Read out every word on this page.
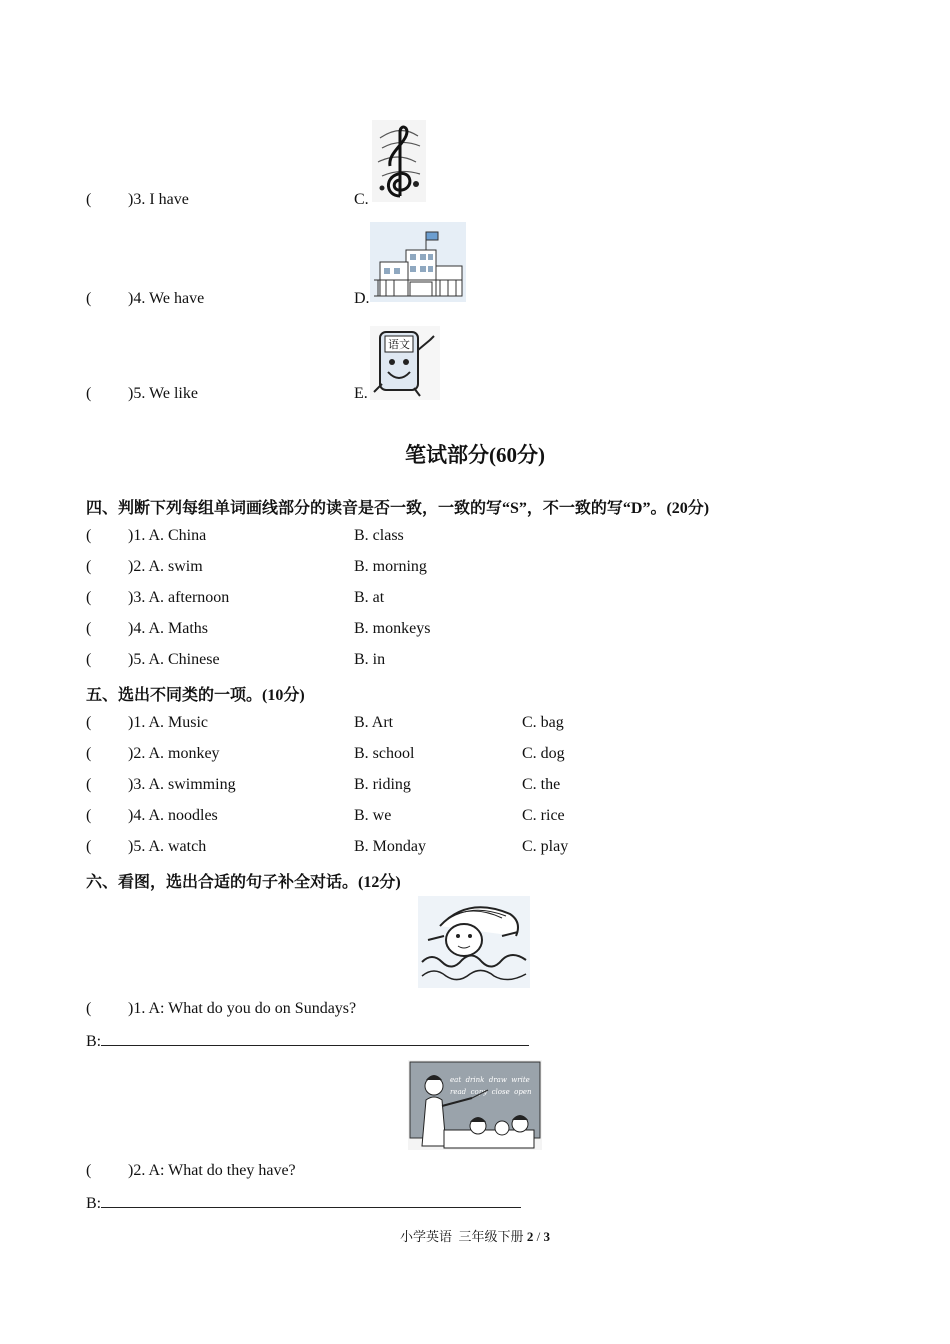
( )3. I have	C.
( )4. We have	D.
( )5. We like	E.
语文
笔试部分(60分)
四、判断下列每组单词画线部分的读音是否一致，一致的写“S”，不一致的写“D”。(20分)
( )1. A. China	B. class
( )2. A. swim	B. morning
( )3. A. afternoon	B. at
( )4. A. Maths	B. monkeys
( )5. A. Chinese	B. in
五、选出不同类的一项。(10分)
( )1. A. Music	B. Art	C. bag
( )2. A. monkey	B. school	C. dog
( )3. A. swimming	B. riding	C. the
( )4. A. noodles	B. we	C. rice
( )5. A. watch	B. Monday	C. play
六、看图，选出合适的句子补全对话。(12分)
( )1. A: What do you do on Sundays?
B:
eat  drink  draw  write
read  copy  close  open
( )2. A: What do they have?
B:
小学英语  三年级下册 2 / 3
